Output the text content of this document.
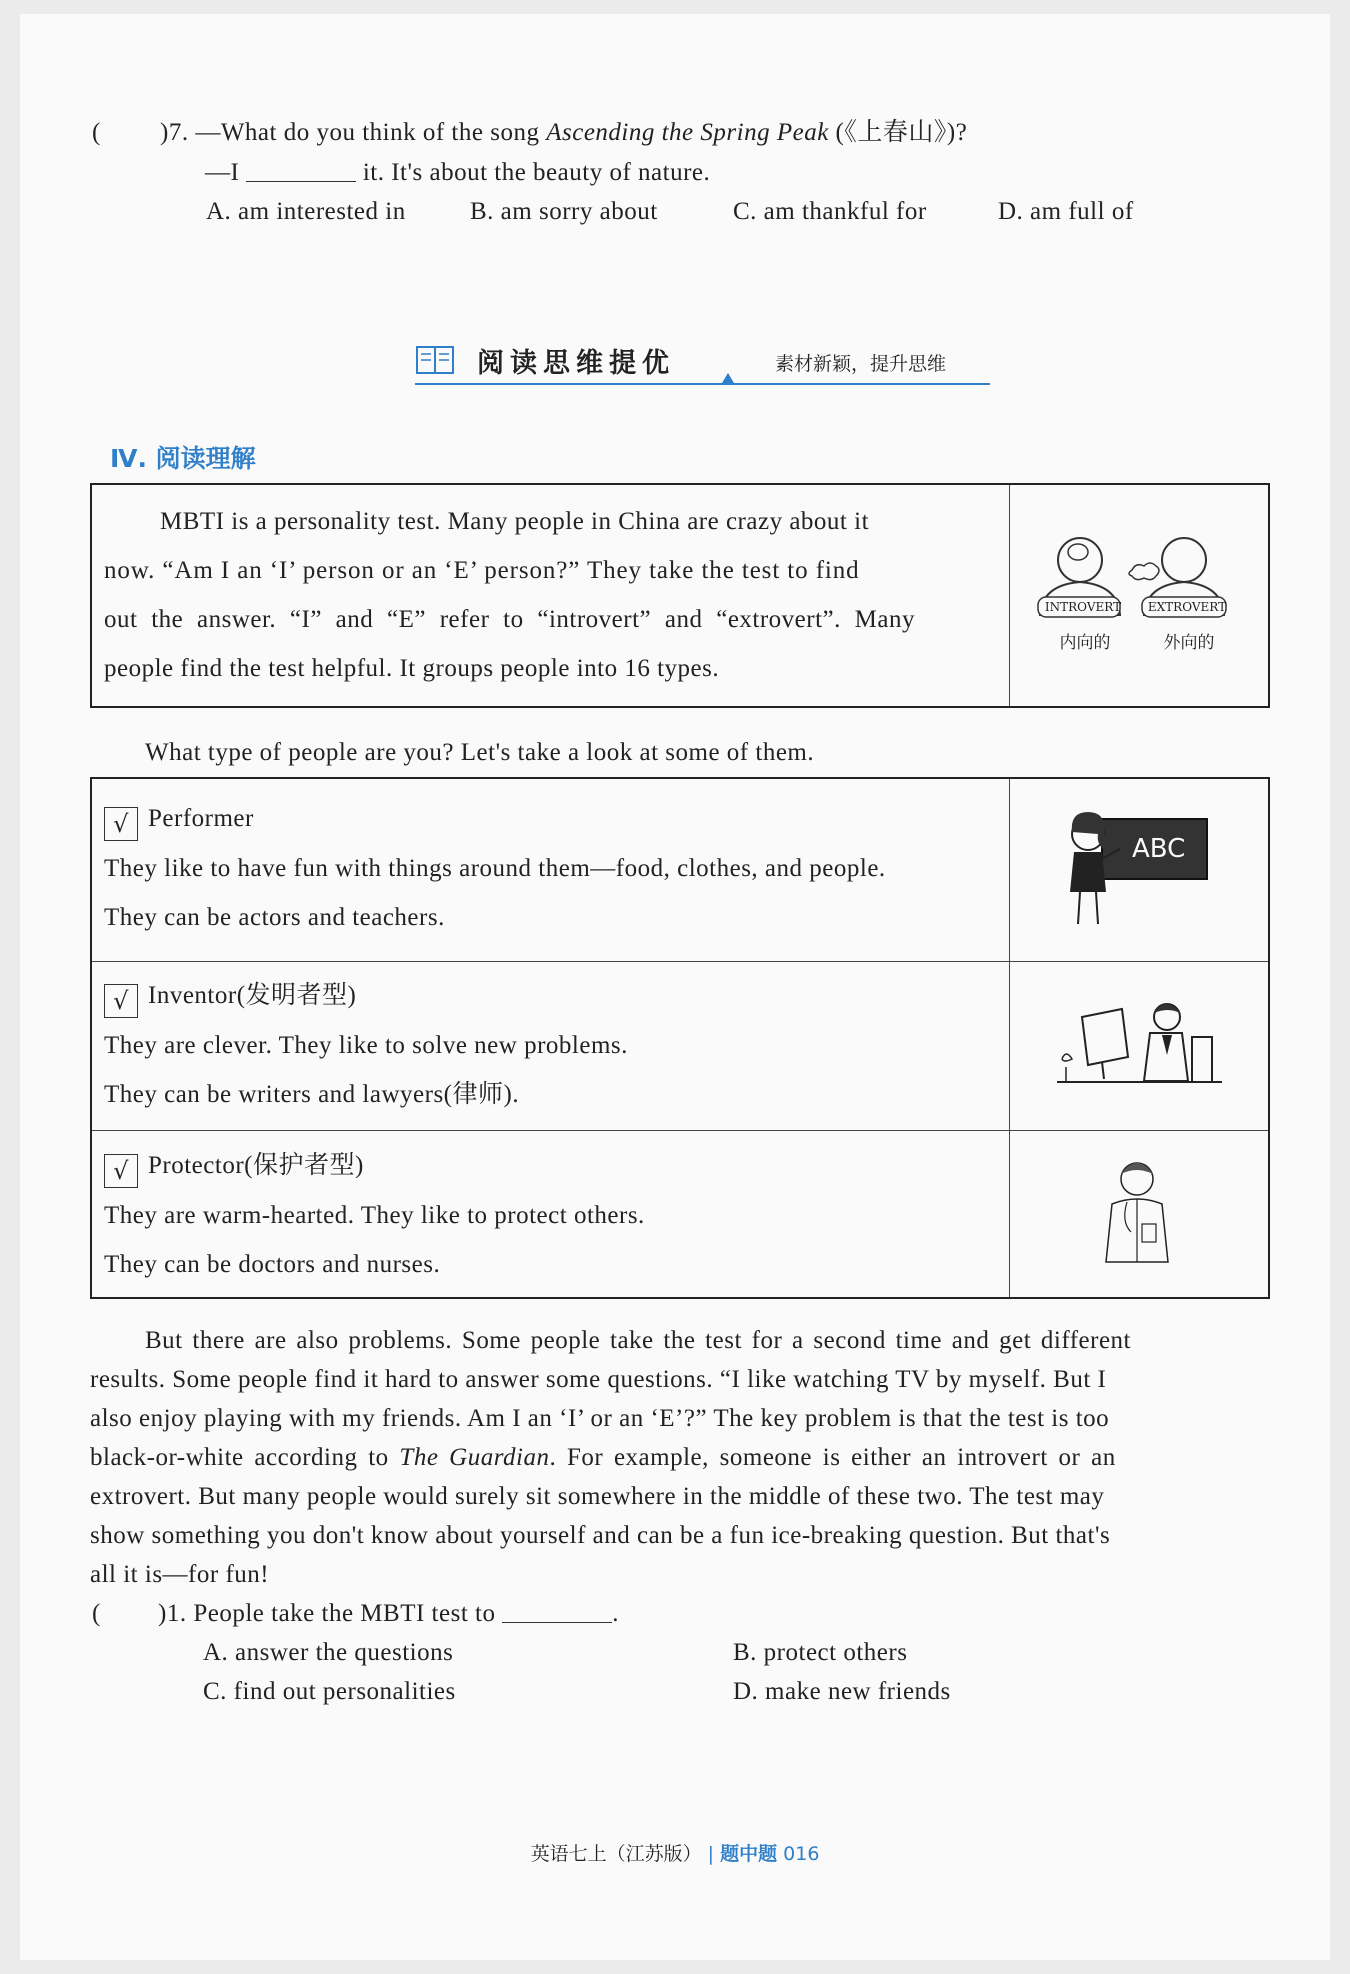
( )7. —What do you think of the song Ascending the Spring Peak (《上春山》)?
—I	it. It's about the beauty of nature.
A. am interested in	B. am sorry about	C. am thankful for	D. am full of
阅读思维提优	素材新颖，提升思维
Ⅳ. 阅读理解
MBTI is a personality test. Many people in China are crazy about it
now. “Am I an ‘I’ person or an ‘E’ person?” They take the test to find
out the answer. “I” and “E” refer to “introvert” and “extrovert”. Many
people find the test helpful. It groups people into 16 types.
INTROVERT	EXTROVERT
内向的	外向的
What type of people are you? Let's take a look at some of them.
√ Performer
They like to have fun with things around them—food, clothes, and people.
They can be actors and teachers.
ABC
√ Inventor(发明者型)
They are clever. They like to solve new problems.
They can be writers and lawyers(律师).
√ Protector(保护者型)
They are warm-hearted. They like to protect others.
They can be doctors and nurses.
But there are also problems. Some people take the test for a second time and get different
results. Some people find it hard to answer some questions. “I like watching TV by myself. But I
also enjoy playing with my friends. Am I an ‘I’ or an ‘E’?” The key problem is that the test is too
black-or-white according to The Guardian. For example, someone is either an introvert or an
extrovert. But many people would surely sit somewhere in the middle of these two. The test may
show something you don't know about yourself and can be a fun ice-breaking question. But that's
all it is—for fun!
( )1. People take the MBTI test to	.
A. answer the questions	B. protect others
C. find out personalities	D. make new friends
英语七上（江苏版） | 题中题 016
